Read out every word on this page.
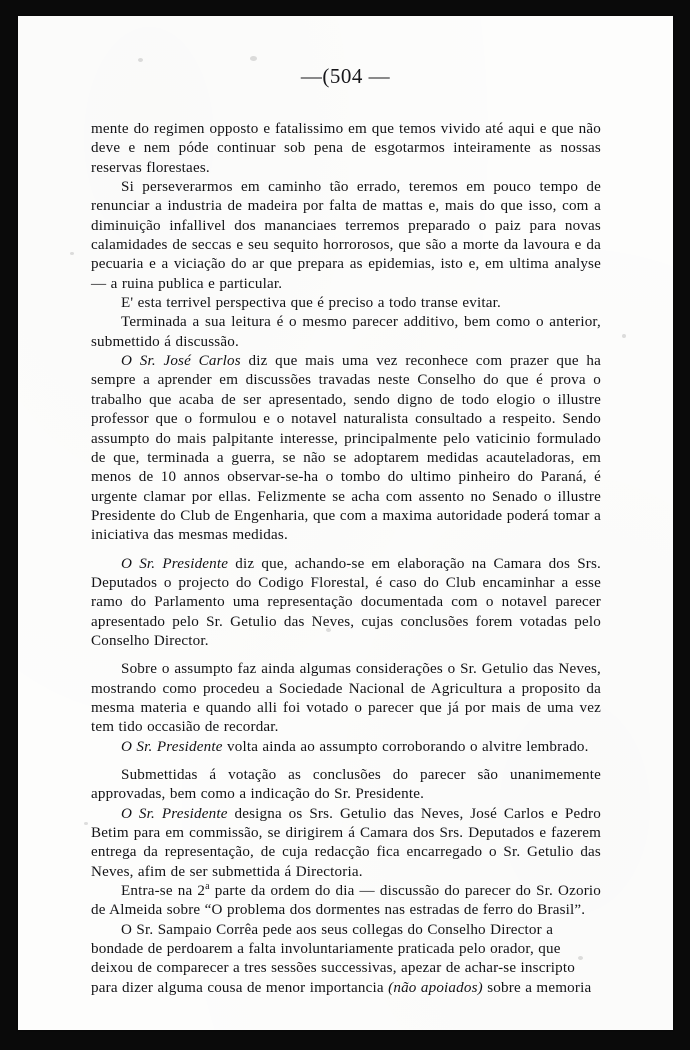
—(504 —

mente do regimen opposto e fatalissimo em que temos vivido até aqui e que não deve e nem póde continuar sob pena de esgotarmos inteiramente as nossas reservas florestaes.

Si perseverarmos em caminho tão errado, teremos em pouco tempo de renunciar a industria de madeira por falta de mattas e, mais do que isso, com a diminuição infallivel dos mananciaes terremos preparado o paiz para novas calamidades de seccas e seu sequito horrorosos, que são a morte da lavoura e da pecuaria e a viciação do ar que prepara as epidemias, isto e, em ultima analyse — a ruina publica e particular.

E' esta terrivel perspectiva que é preciso a todo transe evitar.

Terminada a sua leitura é o mesmo parecer additivo, bem como o anterior, submettido á discussão.

O Sr. José Carlos diz que mais uma vez reconhece com prazer que ha sempre a aprender em discussões travadas neste Conselho do que é prova o trabalho que acaba de ser apresentado, sendo digno de todo elogio o illustre professor que o formulou e o notavel naturalista consultado a respeito. Sendo assumpto do mais palpitante interesse, principalmente pelo vaticinio formulado de que, terminada a guerra, se não se adoptarem medidas acauteladoras, em menos de 10 annos observar-se-ha o tombo do ultimo pinheiro do Paraná, é urgente clamar por ellas. Felizmente se acha com assento no Senado o illustre Presidente do Club de Engenharia, que com a maxima autoridade poderá tomar a iniciativa das mesmas medidas.

O Sr. Presidente diz que, achando-se em elaboração na Camara dos Srs. Deputados o projecto do Codigo Florestal, é caso do Club encaminhar a esse ramo do Parlamento uma representação documentada com o notavel parecer apresentado pelo Sr. Getulio das Neves, cujas conclusões forem votadas pelo Conselho Director.

Sobre o assumpto faz ainda algumas considerações o Sr. Getulio das Neves, mostrando como procedeu a Sociedade Nacional de Agricultura a proposito da mesma materia e quando alli foi votado o parecer que já por mais de uma vez tem tido occasião de recordar.

O Sr. Presidente volta ainda ao assumpto corroborando o alvitre lembrado.

Submettidas á votação as conclusões do parecer são unanimemente approvadas, bem como a indicação do Sr. Presidente.

O Sr. Presidente designa os Srs. Getulio das Neves, José Carlos e Pedro Betim para em commissão, se dirigirem á Camara dos Srs. Deputados e fazerem entrega da representação, de cuja redacção fica encarregado o Sr. Getulio das Neves, afim de ser submettida á Directoria.

Entra-se na 2$^a$ parte da ordem do dia — discussão do parecer do Sr. Ozorio de Almeida sobre “O problema dos dormentes nas estradas de ferro do Brasil”.

O Sr. Sampaio Corrêa pede aos seus collegas do Conselho Director a bondade de perdoarem a falta involuntariamente praticada pelo orador, que deixou de comparecer a tres sessões successivas, apezar de achar-se inscripto para dizer alguma cousa de menor importancia (não apoiados) sobre a memoria
